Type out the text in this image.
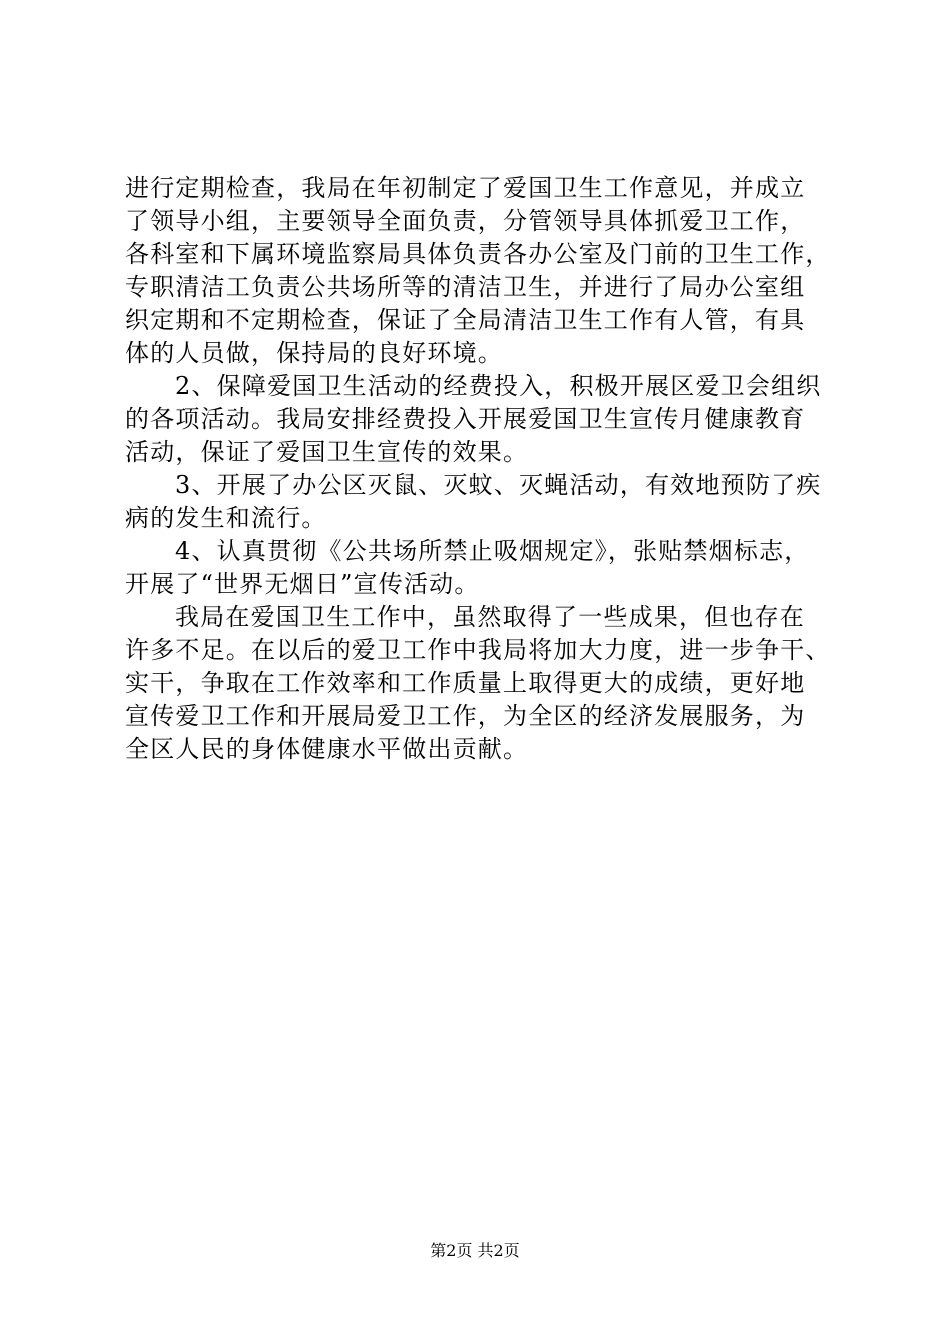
进行定期检查，我局在年初制定了爱国卫生工作意见，并成立
了领导小组，主要领导全面负责，分管领导具体抓爱卫工作，
各科室和下属环境监察局具体负责各办公室及门前的卫生工作，
专职清洁工负责公共场所等的清洁卫生，并进行了局办公室组
织定期和不定期检查，保证了全局清洁卫生工作有人管，有具
体的人员做，保持局的良好环境。
2、保障爱国卫生活动的经费投入，积极开展区爱卫会组织
的各项活动。我局安排经费投入开展爱国卫生宣传月健康教育
活动，保证了爱国卫生宣传的效果。
3、开展了办公区灭鼠、灭蚊、灭蝇活动，有效地预防了疾
病的发生和流行。
4、认真贯彻《公共场所禁止吸烟规定》，张贴禁烟标志，
开展了“世界无烟日”宣传活动。
我局在爱国卫生工作中，虽然取得了一些成果，但也存在
许多不足。在以后的爱卫工作中我局将加大力度，进一步争干、
实干，争取在工作效率和工作质量上取得更大的成绩，更好地
宣传爱卫工作和开展局爱卫工作，为全区的经济发展服务，为
全区人民的身体健康水平做出贡献。
第2页 共2页
